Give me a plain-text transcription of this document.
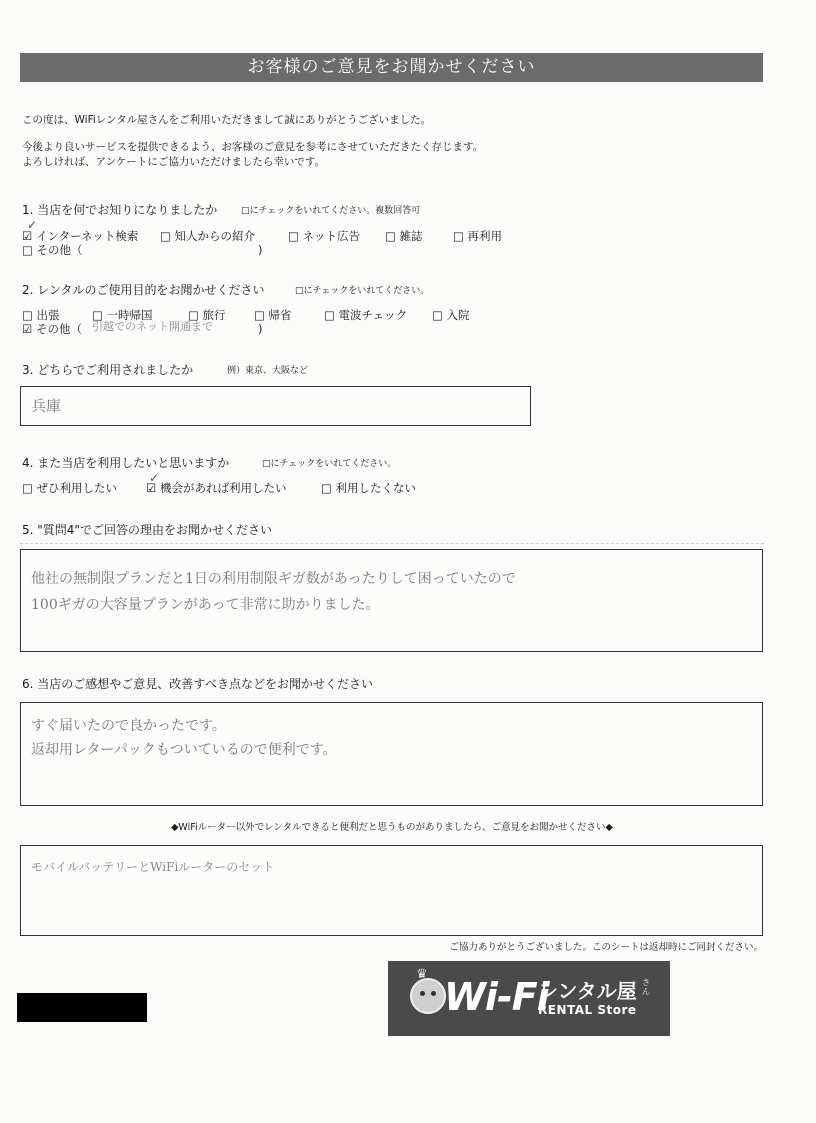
お客様のご意見をお聞かせください
この度は、WiFiレンタル屋さんをご利用いただきまして誠にありがとうございました。
今後より良いサービスを提供できるよう、お客様のご意見を参考にさせていただきたく存じます。
よろしければ、アンケートにご協力いただけましたら幸いです。
1. 当店を何でお知りになりましたか	□にチェックをいれてください。複数回答可
☑ インターネット検索
✓
□ 知人からの紹介	□ ネット広告 □ 雑誌	□ 再利用
□ その他（	)
2. レンタルのご使用目的をお聞かせください	□にチェックをいれてください。
□ 出張	□ 一時帰国	□ 旅行 □ 帰省	□ 電波チェック □ 入院
☑ その他（ 引越でのネット開通まで	)
3. どちらでご利用されましたか	例）東京、大阪など
兵庫
4. また当店を利用したいと思いますか	□にチェックをいれてください。
□ ぜひ利用したい	☑ 機会があれば利用したい
✓
□ 利用したくない
5. "質問4"でご回答の理由をお聞かせください
他社の無制限プランだと1日の利用制限ギガ数があったりして困っていたので
100ギガの大容量プランがあって非常に助かりました。
6. 当店のご感想やご意見、改善すべき点などをお聞かせください
すぐ届いたので良かったです。
返却用レターパックもついているので便利です。
◆WiFiルーター以外でレンタルできると便利だと思うものがありましたら、ご意見をお聞かせください◆
モバイルバッテリーとWiFiルーターのセット
ご協力ありがとうございました。このシートは返却時にご同封ください。
♛
Wi-Fi
レンタル屋 さん
RENTAL Store
